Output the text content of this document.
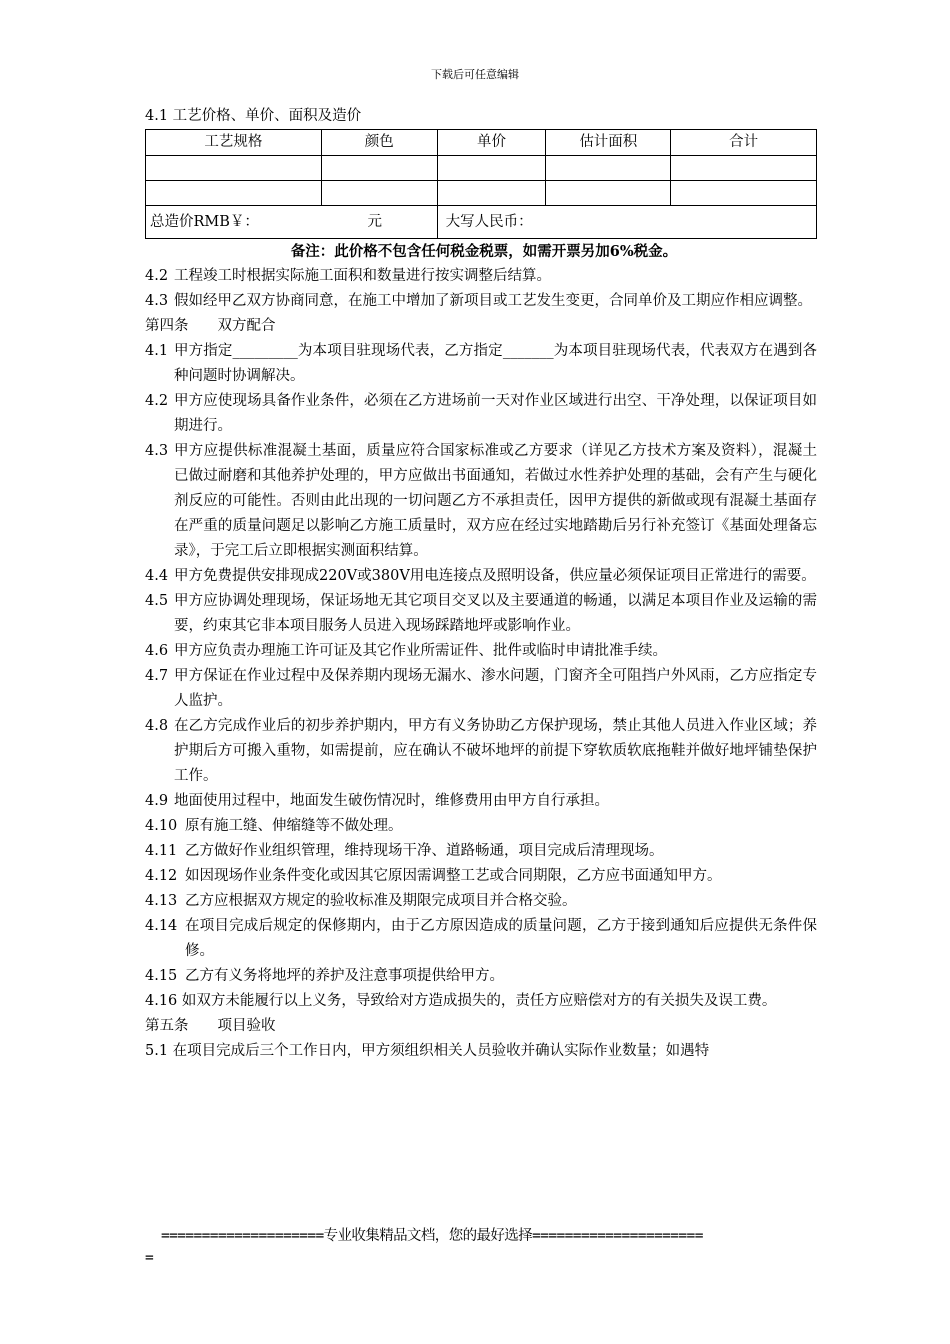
下载后可任意编辑
4.1 工艺价格、单价、面积及造价
工艺规格	颜色	单价	估计面积	合计

总造价RMB￥： 元		大写人民币：		
备注：此价格不包含任何税金税票，如需开票另加6%税金。
4.2 工程竣工时根据实际施工面积和数量进行按实调整后结算。
4.3 假如经甲乙双方协商同意，在施工中增加了新项目或工艺发生变更，合同单价及工期应作相应调整。
第四条　　双方配合
4.1 甲方指定_________为本项目驻现场代表，乙方指定_______为本项目驻现场代表，代表双方在遇到各种问题时协调解决。
4.2 甲方应使现场具备作业条件，必须在乙方进场前一天对作业区域进行出空、干净处理，以保证项目如期进行。
4.3 甲方应提供标准混凝土基面，质量应符合国家标准或乙方要求（详见乙方技术方案及资料），混凝土已做过耐磨和其他养护处理的，甲方应做出书面通知，若做过水性养护处理的基础，会有产生与硬化剂反应的可能性。否则由此出现的一切问题乙方不承担责任，因甲方提供的新做或现有混凝土基面存在严重的质量问题足以影响乙方施工质量时，双方应在经过实地踏勘后另行补充签订《基面处理备忘录》，于完工后立即根据实测面积结算。
4.4 甲方免费提供安排现成220V或380V用电连接点及照明设备，供应量必须保证项目正常进行的需要。
4.5 甲方应协调处理现场，保证场地无其它项目交叉以及主要通道的畅通，以满足本项目作业及运输的需要，约束其它非本项目服务人员进入现场踩踏地坪或影响作业。
4.6 甲方应负责办理施工许可证及其它作业所需证件、批件或临时申请批准手续。
4.7 甲方保证在作业过程中及保养期内现场无漏水、渗水问题，门窗齐全可阻挡户外风雨，乙方应指定专人监护。
4.8 在乙方完成作业后的初步养护期内，甲方有义务协助乙方保护现场，禁止其他人员进入作业区域；养护期后方可搬入重物，如需提前，应在确认不破坏地坪的前提下穿软质软底拖鞋并做好地坪铺垫保护工作。
4.9 地面使用过程中，地面发生破伤情况时，维修费用由甲方自行承担。
4.10 原有施工缝、伸缩缝等不做处理。
4.11 乙方做好作业组织管理，维持现场干净、道路畅通，项目完成后清理现场。
4.12 如因现场作业条件变化或因其它原因需调整工艺或合同期限，乙方应书面通知甲方。
4.13 乙方应根据双方规定的验收标准及期限完成项目并合格交验。
4.14 在项目完成后规定的保修期内，由于乙方原因造成的质量问题，乙方于接到通知后应提供无条件保修。
4.15 乙方有义务将地坪的养护及注意事项提供给甲方。
4.16 如双方未能履行以上义务，导致给对方造成损失的，责任方应赔偿对方的有关损失及误工费。
第五条　　项目验收
5.1 在项目完成后三个工作日内，甲方须组织相关人员验收并确认实际作业数量；如遇特
====================专业收集精品文档，您的最好选择=====================
=
